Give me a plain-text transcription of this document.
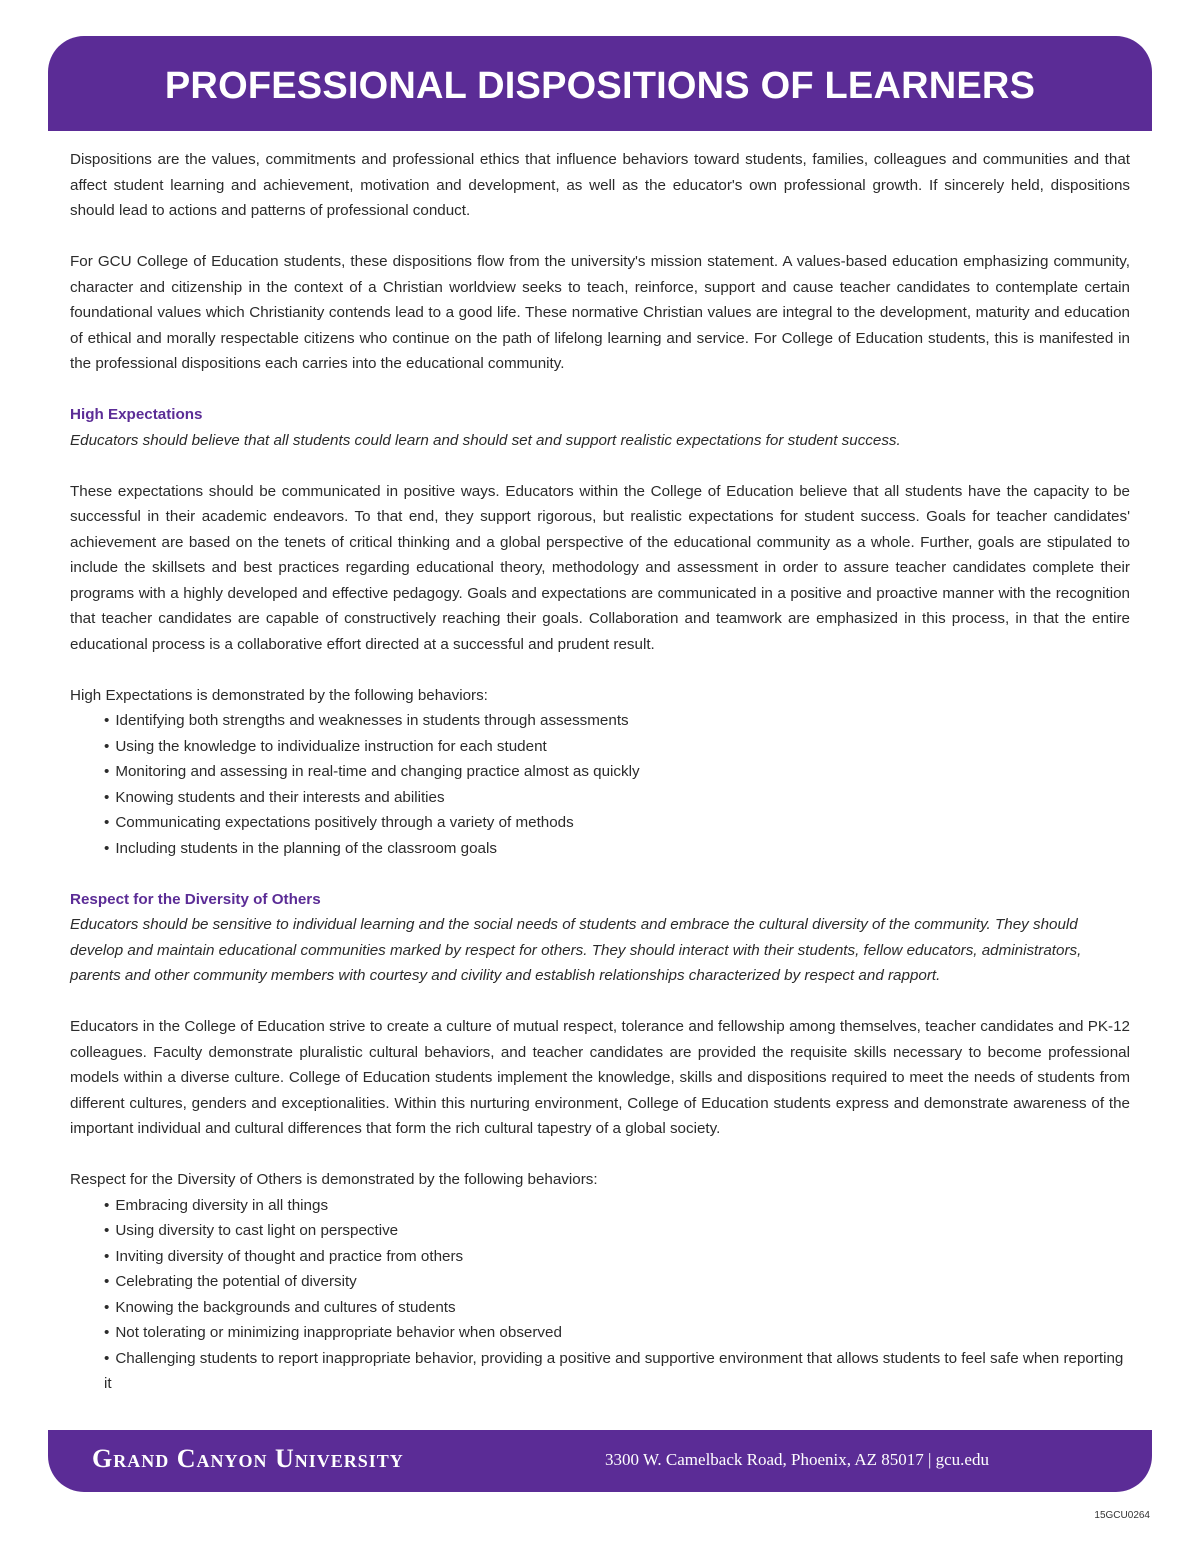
PROFESSIONAL DISPOSITIONS OF LEARNERS

Dispositions are the values, commitments and professional ethics that influence behaviors toward students, families, colleagues and communities and that affect student learning and achievement, motivation and development, as well as the educator's own professional growth. If sincerely held, dispositions should lead to actions and patterns of professional conduct.

For GCU College of Education students, these dispositions flow from the university's mission statement. A values-based education emphasizing community, character and citizenship in the context of a Christian worldview seeks to teach, reinforce, support and cause teacher candidates to contemplate certain foundational values which Christianity contends lead to a good life. These normative Christian values are integral to the development, maturity and education of ethical and morally respectable citizens who continue on the path of lifelong learning and service. For College of Education students, this is manifested in the professional dispositions each carries into the educational community.

High Expectations

Educators should believe that all students could learn and should set and support realistic expectations for student success.

These expectations should be communicated in positive ways. Educators within the College of Education believe that all students have the capacity to be successful in their academic endeavors. To that end, they support rigorous, but realistic expectations for student success. Goals for teacher candidates' achievement are based on the tenets of critical thinking and a global perspective of the educational community as a whole. Further, goals are stipulated to include the skillsets and best practices regarding educational theory, methodology and assessment in order to assure teacher candidates complete their programs with a highly developed and effective pedagogy. Goals and expectations are communicated in a positive and proactive manner with the recognition that teacher candidates are capable of constructively reaching their goals. Collaboration and teamwork are emphasized in this process, in that the entire educational process is a collaborative effort directed at a successful and prudent result.

High Expectations is demonstrated by the following behaviors:

• Identifying both strengths and weaknesses in students through assessments
• Using the knowledge to individualize instruction for each student
• Monitoring and assessing in real-time and changing practice almost as quickly
• Knowing students and their interests and abilities
• Communicating expectations positively through a variety of methods
• Including students in the planning of the classroom goals

Respect for the Diversity of Others

Educators should be sensitive to individual learning and the social needs of students and embrace the cultural diversity of the community. They should develop and maintain educational communities marked by respect for others. They should interact with their students, fellow educators, administrators, parents and other community members with courtesy and civility and establish relationships characterized by respect and rapport.

Educators in the College of Education strive to create a culture of mutual respect, tolerance and fellowship among themselves, teacher candidates and PK-12 colleagues. Faculty demonstrate pluralistic cultural behaviors, and teacher candidates are provided the requisite skills necessary to become professional models within a diverse culture. College of Education students implement the knowledge, skills and dispositions required to meet the needs of students from different cultures, genders and exceptionalities. Within this nurturing environment, College of Education students express and demonstrate awareness of the important individual and cultural differences that form the rich cultural tapestry of a global society.

Respect for the Diversity of Others is demonstrated by the following behaviors:

• Embracing diversity in all things
• Using diversity to cast light on perspective
• Inviting diversity of thought and practice from others
• Celebrating the potential of diversity
• Knowing the backgrounds and cultures of students
• Not tolerating or minimizing inappropriate behavior when observed
• Challenging students to report inappropriate behavior, providing a positive and supportive environment that allows students to feel safe when reporting it
Grand Canyon University	3300 W. Camelback Road, Phoenix, AZ 85017 | gcu.edu
15GCU0264
